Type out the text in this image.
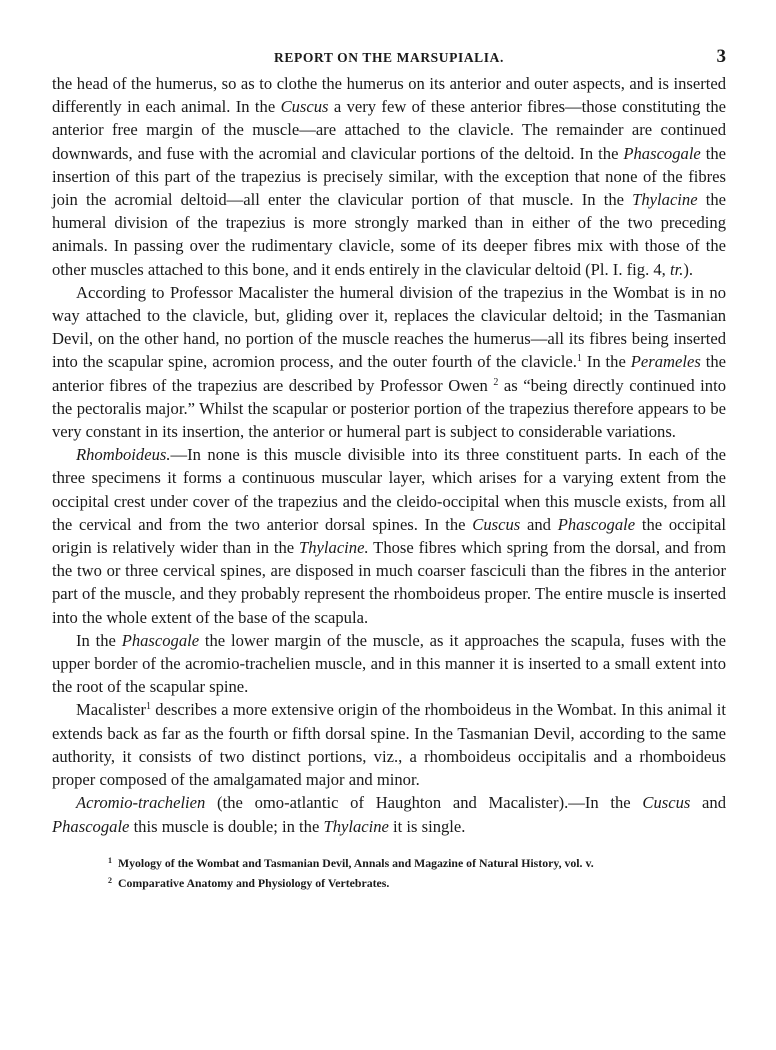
REPORT ON THE MARSUPIALIA.	3

the head of the humerus, so as to clothe the humerus on its anterior and outer aspects, and is inserted differently in each animal. In the Cuscus a very few of these anterior fibres—those constituting the anterior free margin of the muscle—are attached to the clavicle. The remainder are continued downwards, and fuse with the acromial and clavicular portions of the deltoid. In the Phascogale the insertion of this part of the trapezius is precisely similar, with the exception that none of the fibres join the acromial deltoid—all enter the clavicular portion of that muscle. In the Thylacine the humeral division of the trapezius is more strongly marked than in either of the two preceding animals. In passing over the rudimentary clavicle, some of its deeper fibres mix with those of the other muscles attached to this bone, and it ends entirely in the clavicular deltoid (Pl. I. fig. 4, tr.).

According to Professor Macalister the humeral division of the trapezius in the Wombat is in no way attached to the clavicle, but, gliding over it, replaces the clavicular deltoid; in the Tasmanian Devil, on the other hand, no portion of the muscle reaches the humerus—all its fibres being inserted into the scapular spine, acromion process, and the outer fourth of the clavicle.$^1$ In the Perameles the anterior fibres of the trapezius are described by Professor Owen $^2$ as “being directly continued into the pectoralis major.” Whilst the scapular or posterior portion of the trapezius therefore appears to be very constant in its insertion, the anterior or humeral part is subject to considerable variations.

Rhomboideus.—In none is this muscle divisible into its three constituent parts. In each of the three specimens it forms a continuous muscular layer, which arises for a varying extent from the occipital crest under cover of the trapezius and the cleido-occipital when this muscle exists, from all the cervical and from the two anterior dorsal spines. In the Cuscus and Phascogale the occipital origin is relatively wider than in the Thylacine. Those fibres which spring from the dorsal, and from the two or three cervical spines, are disposed in much coarser fasciculi than the fibres in the anterior part of the muscle, and they probably represent the rhomboideus proper. The entire muscle is inserted into the whole extent of the base of the scapula.

In the Phascogale the lower margin of the muscle, as it approaches the scapula, fuses with the upper border of the acromio-trachelien muscle, and in this manner it is inserted to a small extent into the root of the scapular spine.

Macalister$^1$ describes a more extensive origin of the rhomboideus in the Wombat. In this animal it extends back as far as the fourth or fifth dorsal spine. In the Tasmanian Devil, according to the same authority, it consists of two distinct portions, viz., a rhomboideus occipitalis and a rhomboideus proper composed of the amalgamated major and minor.

Acromio-trachelien (the omo-atlantic of Haughton and Macalister).—In the Cuscus and Phascogale this muscle is double; in the Thylacine it is single.

$^1$ Myology of the Wombat and Tasmanian Devil, Annals and Magazine of Natural History, vol. v.
$^2$ Comparative Anatomy and Physiology of Vertebrates.
